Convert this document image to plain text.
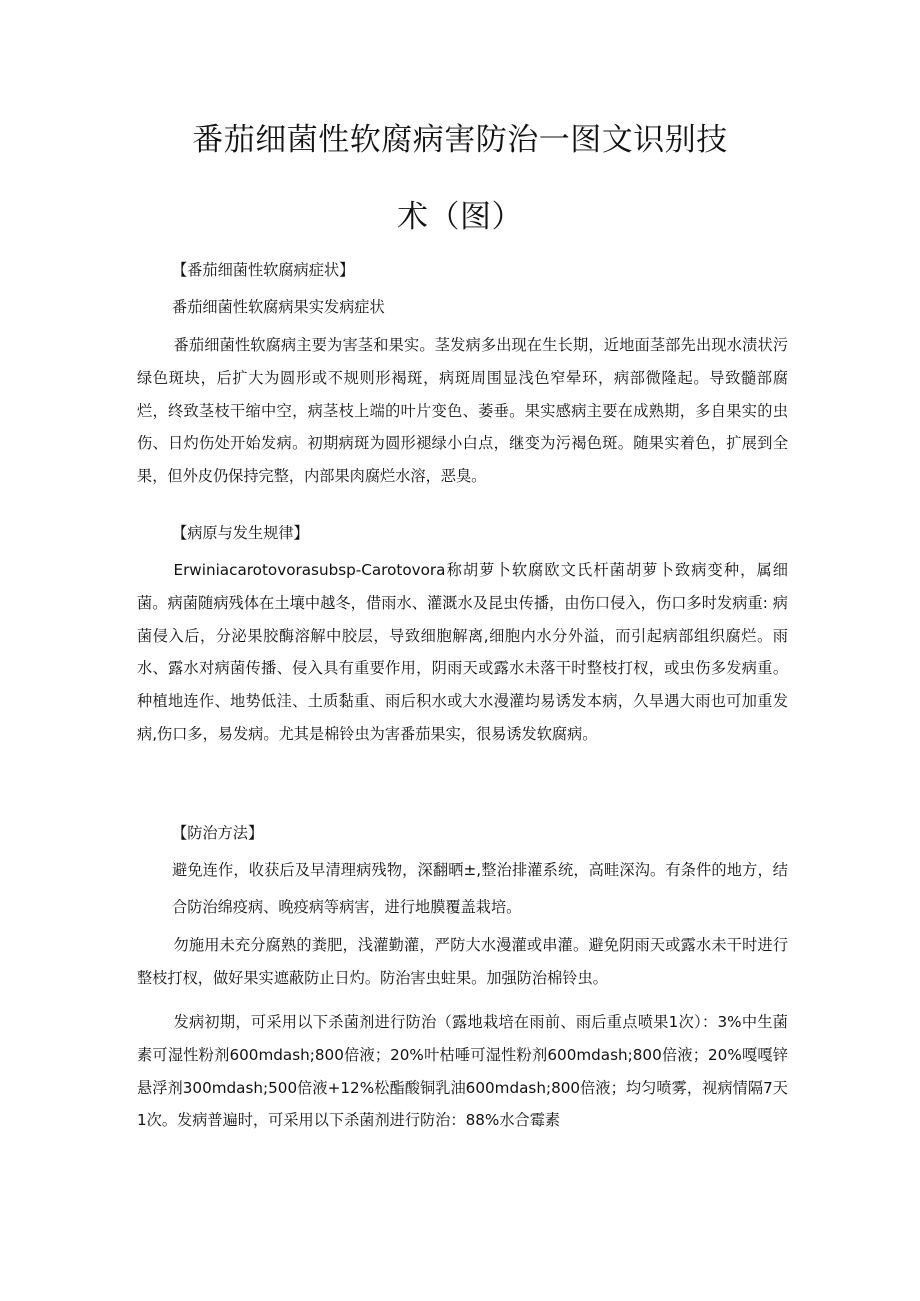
番茄细菌性软腐病害防治一图文识别技
术（图）

【番茄细菌性软腐病症状】

番茄细菌性软腐病果实发病症状

番茄细菌性软腐病主要为害茎和果实。茎发病多出现在生长期，近地面茎部先出现水渍状污绿色斑块，后扩大为圆形或不规则形褐斑，病斑周围显浅色窄晕环，病部微隆起。导致髓部腐烂，终致茎枝干缩中空，病茎枝上端的叶片变色、萎垂。果实感病主要在成熟期，多自果实的虫伤、日灼伤处开始发病。初期病斑为圆形褪绿小白点，继变为污褐色斑。随果实着色，扩展到全果，但外皮仍保持完整，内部果肉腐烂水溶，恶臭。

【病原与发生规律】

Erwiniacarotovorasubsp-Carotovora称胡萝卜软腐欧文氏杆菌胡萝卜致病变种，属细菌。病菌随病残体在土壤中越冬，借雨水、灌溉水及昆虫传播，由伤口侵入，伤口多时发病重: 病菌侵入后，分泌果胶酶溶解中胶层，导致细胞解离,细胞内水分外溢，而引起病部组织腐烂。雨水、露水对病菌传播、侵入具有重要作用，阴雨天或露水未落干时整枝打杈，或虫伤多发病重。种植地连作、地势低洼、土质黏重、雨后积水或大水漫灌均易诱发本病，久旱遇大雨也可加重发病,伤口多，易发病。尤其是棉铃虫为害番茄果实，很易诱发软腐病。

【防治方法】

避免连作，收获后及早清理病残物，深翻晒±,整治排灌系统，高畦深沟。有条件的地方，结合防治绵疫病、晚疫病等病害，进行地膜覆盖栽培。

勿施用未充分腐熟的粪肥，浅灌勤灌，严防大水漫灌或串灌。避免阴雨天或露水未干时进行整枝打杈，做好果实遮蔽防止日灼。防治害虫蛀果。加强防治棉铃虫。

发病初期，可采用以下杀菌剂进行防治（露地栽培在雨前、雨后重点喷果1次）：3%中生菌素可湿性粉剂600mdash;800倍液；20%叶枯唾可湿性粉剂600mdash;800倍液；20%嘎嘎锌悬浮剂300mdash;500倍液+12%松酯酸铜乳油600mdash;800倍液；均匀喷雾，视病情隔7天1次。发病普遍时，可采用以下杀菌剂进行防治：88%水合霉素
